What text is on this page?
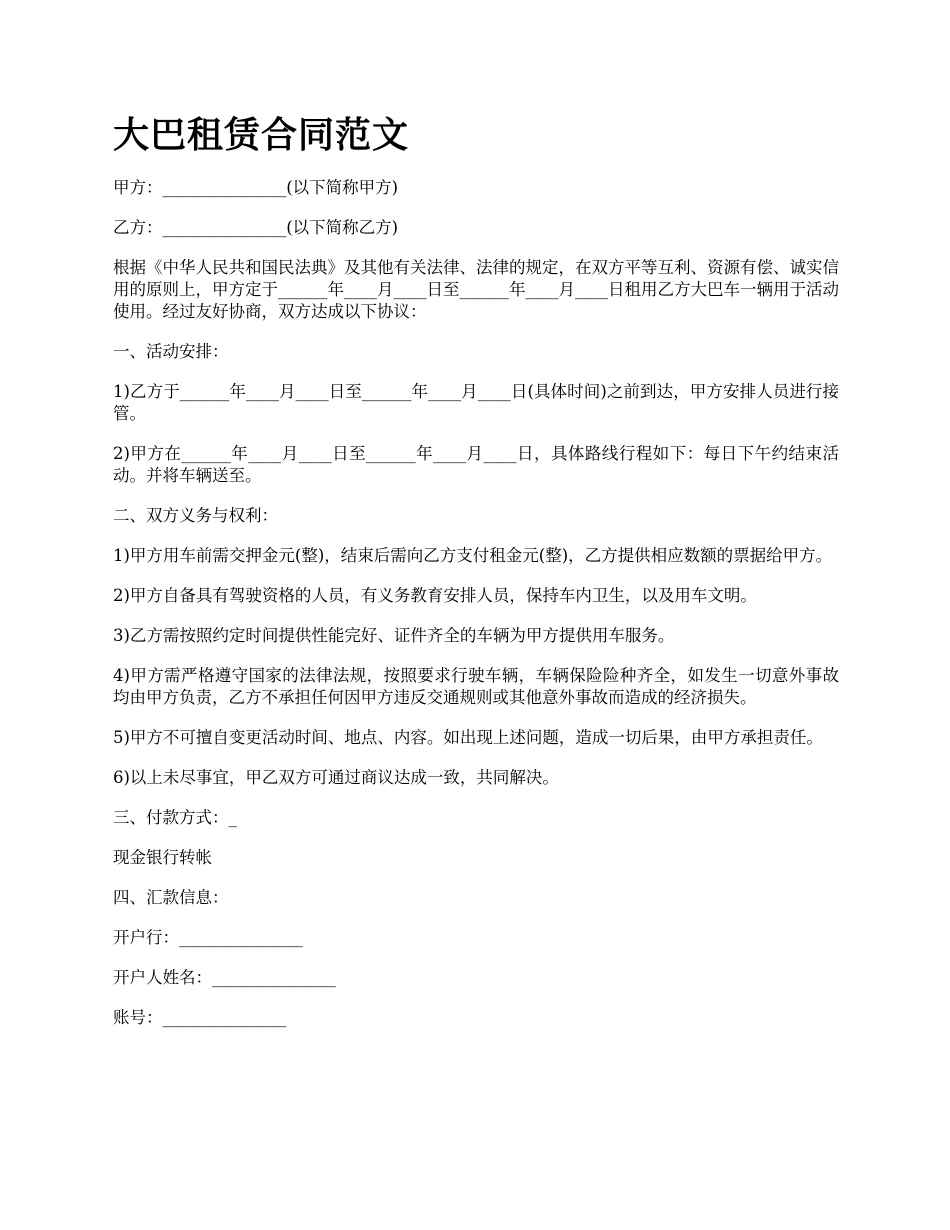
大巴租赁合同范文

甲方：_______________(以下简称甲方)

乙方：_______________(以下简称乙方)

根据《中华人民共和国民法典》及其他有关法律、法律的规定，在双方平等互利、资源有偿、诚实信用的原则上，甲方定于______年____月____日至______年____月____日租用乙方大巴车一辆用于活动使用。经过友好协商，双方达成以下协议：

一、活动安排：

1)乙方于______年____月____日至______年____月____日(具体时间)之前到达，甲方安排人员进行接管。

2)甲方在______年____月____日至______年____月____日，具体路线行程如下：每日下午约结束活动。并将车辆送至。

二、双方义务与权利：

1)甲方用车前需交押金元(整)，结束后需向乙方支付租金元(整)，乙方提供相应数额的票据给甲方。

2)甲方自备具有驾驶资格的人员，有义务教育安排人员，保持车内卫生，以及用车文明。

3)乙方需按照约定时间提供性能完好、证件齐全的车辆为甲方提供用车服务。

4)甲方需严格遵守国家的法律法规，按照要求行驶车辆，车辆保险险种齐全，如发生一切意外事故均由甲方负责，乙方不承担任何因甲方违反交通规则或其他意外事故而造成的经济损失。

5)甲方不可擅自变更活动时间、地点、内容。如出现上述问题，造成一切后果，由甲方承担责任。

6)以上未尽事宜，甲乙双方可通过商议达成一致，共同解决。

三、付款方式：_

现金银行转帐

四、汇款信息：

开户行：_______________

开户人姓名：_______________

账号：_______________
